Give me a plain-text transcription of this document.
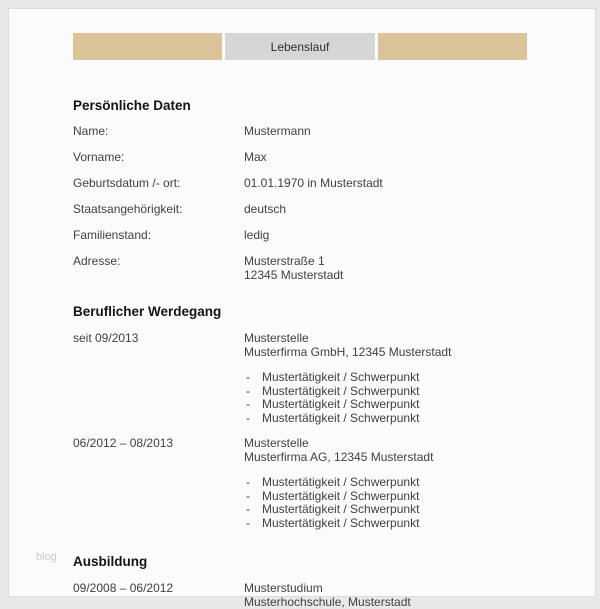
Lebenslauf
Persönliche Daten
Name:	Mustermann
Vorname:	Max
Geburtsdatum /- ort:	01.01.1970 in Musterstadt
Staatsangehörigkeit:	deutsch
Familienstand:	ledig
Adresse:	Musterstraße 1
12345 Musterstadt
Beruflicher Werdegang
seit 09/2013	Musterstelle
Musterfirma GmbH, 12345 Musterstadt
-	Mustertätigkeit / Schwerpunkt
-	Mustertätigkeit / Schwerpunkt
-	Mustertätigkeit / Schwerpunkt
-	Mustertätigkeit / Schwerpunkt
06/2012 – 08/2013	Musterstelle
Musterfirma AG, 12345 Musterstadt
-	Mustertätigkeit / Schwerpunkt
-	Mustertätigkeit / Schwerpunkt
-	Mustertätigkeit / Schwerpunkt
-	Mustertätigkeit / Schwerpunkt
Ausbildung
09/2008 – 06/2012	Musterstudium
Musterhochschule, Musterstadt
blog
